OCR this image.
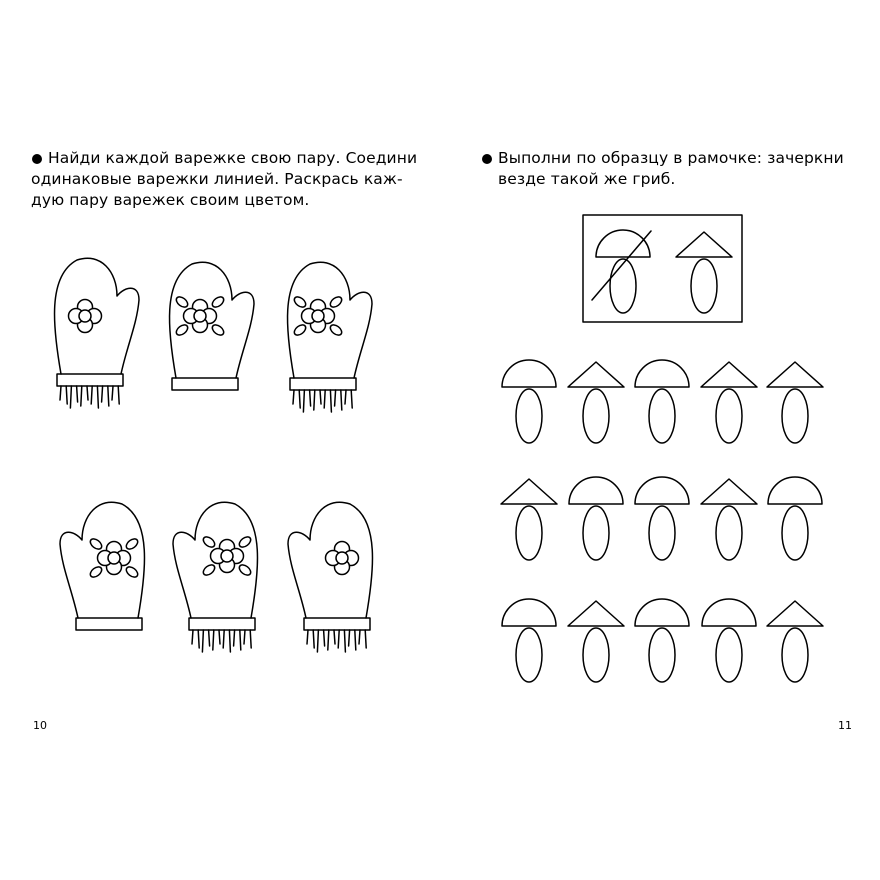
Найди каждой варежке свою пару. Соедини
одинаковые варежки линией. Раскрась каж-
дую пару варежек своим цветом.
10
Выполни по образцу в рамочке: зачеркни
везде такой же гриб.
11
